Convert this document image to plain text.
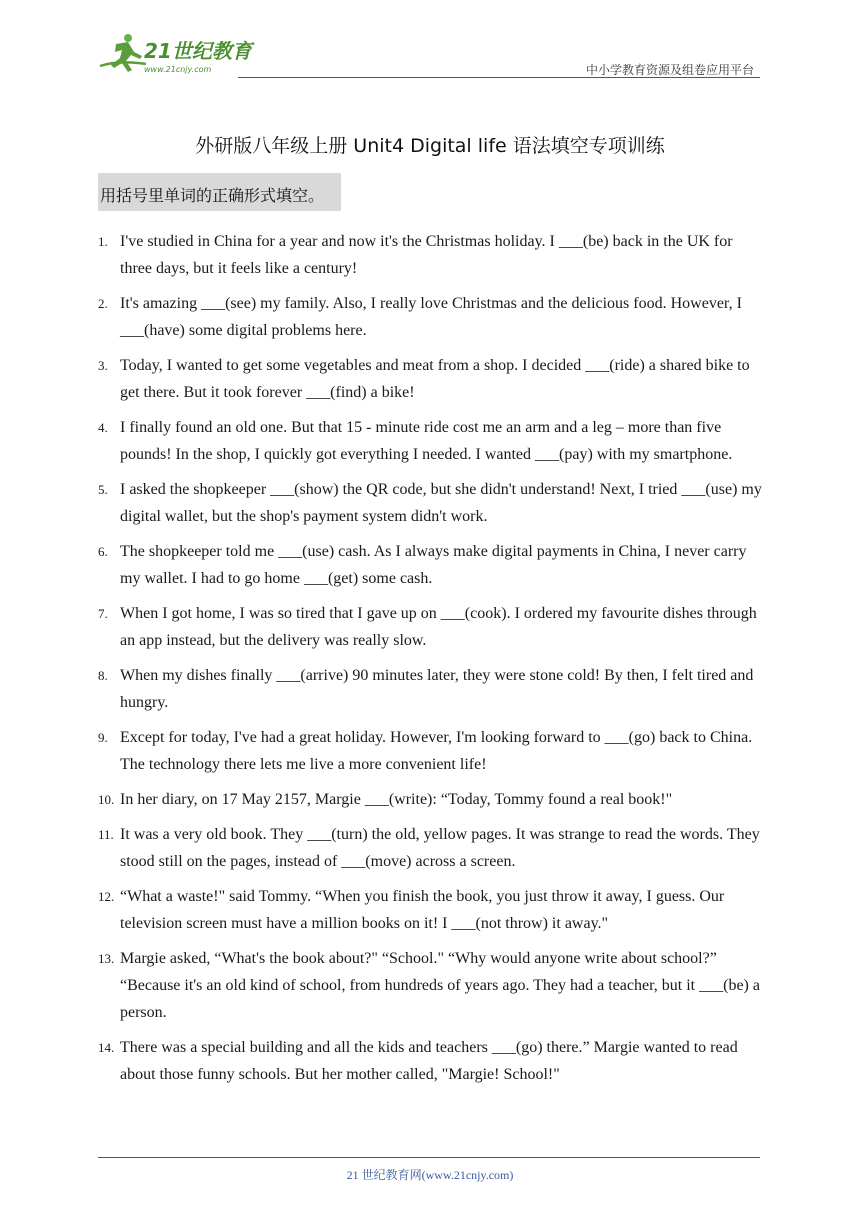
21世纪教育
www.21cnjy.com	中小学教育资源及组卷应用平台
外研版八年级上册 Unit4 Digital life 语法填空专项训练
用括号里单词的正确形式填空。
1. I've studied in China for a year and now it's the Christmas holiday. I ___(be) back in the UK for three days, but it feels like a century!
2. It's amazing ___(see) my family. Also, I really love Christmas and the delicious food. However, I ___(have) some digital problems here.
3. Today, I wanted to get some vegetables and meat from a shop. I decided ___(ride) a shared bike to get there. But it took forever ___(find) a bike!
4. I finally found an old one. But that 15 - minute ride cost me an arm and a leg – more than five pounds! In the shop, I quickly got everything I needed. I wanted ___(pay) with my smartphone.
5. I asked the shopkeeper ___(show) the QR code, but she didn't understand! Next, I tried ___(use) my digital wallet, but the shop's payment system didn't work.
6. The shopkeeper told me ___(use) cash. As I always make digital payments in China, I never carry my wallet. I had to go home ___(get) some cash.
7. When I got home, I was so tired that I gave up on ___(cook). I ordered my favourite dishes through an app instead, but the delivery was really slow.
8. When my dishes finally ___(arrive) 90 minutes later, they were stone cold! By then, I felt tired and hungry.
9. Except for today, I've had a great holiday. However, I'm looking forward to ___(go) back to China. The technology there lets me live a more convenient life!
10. In her diary, on 17 May 2157, Margie ___(write): “Today, Tommy found a real book!"
11. It was a very old book. They ___(turn) the old, yellow pages. It was strange to read the words. They stood still on the pages, instead of ___(move) across a screen.
12. “What a waste!" said Tommy. “When you finish the book, you just throw it away, I guess. Our television screen must have a million books on it! I ___(not throw) it away."
13. Margie asked, “What's the book about?" “School." “Why would anyone write about school?” “Because it's an old kind of school, from hundreds of years ago. They had a teacher, but it ___(be) a person.
14. There was a special building and all the kids and teachers ___(go) there.” Margie wanted to read about those funny schools. But her mother called, "Margie! School!"
21 世纪教育网(www.21cnjy.com)
